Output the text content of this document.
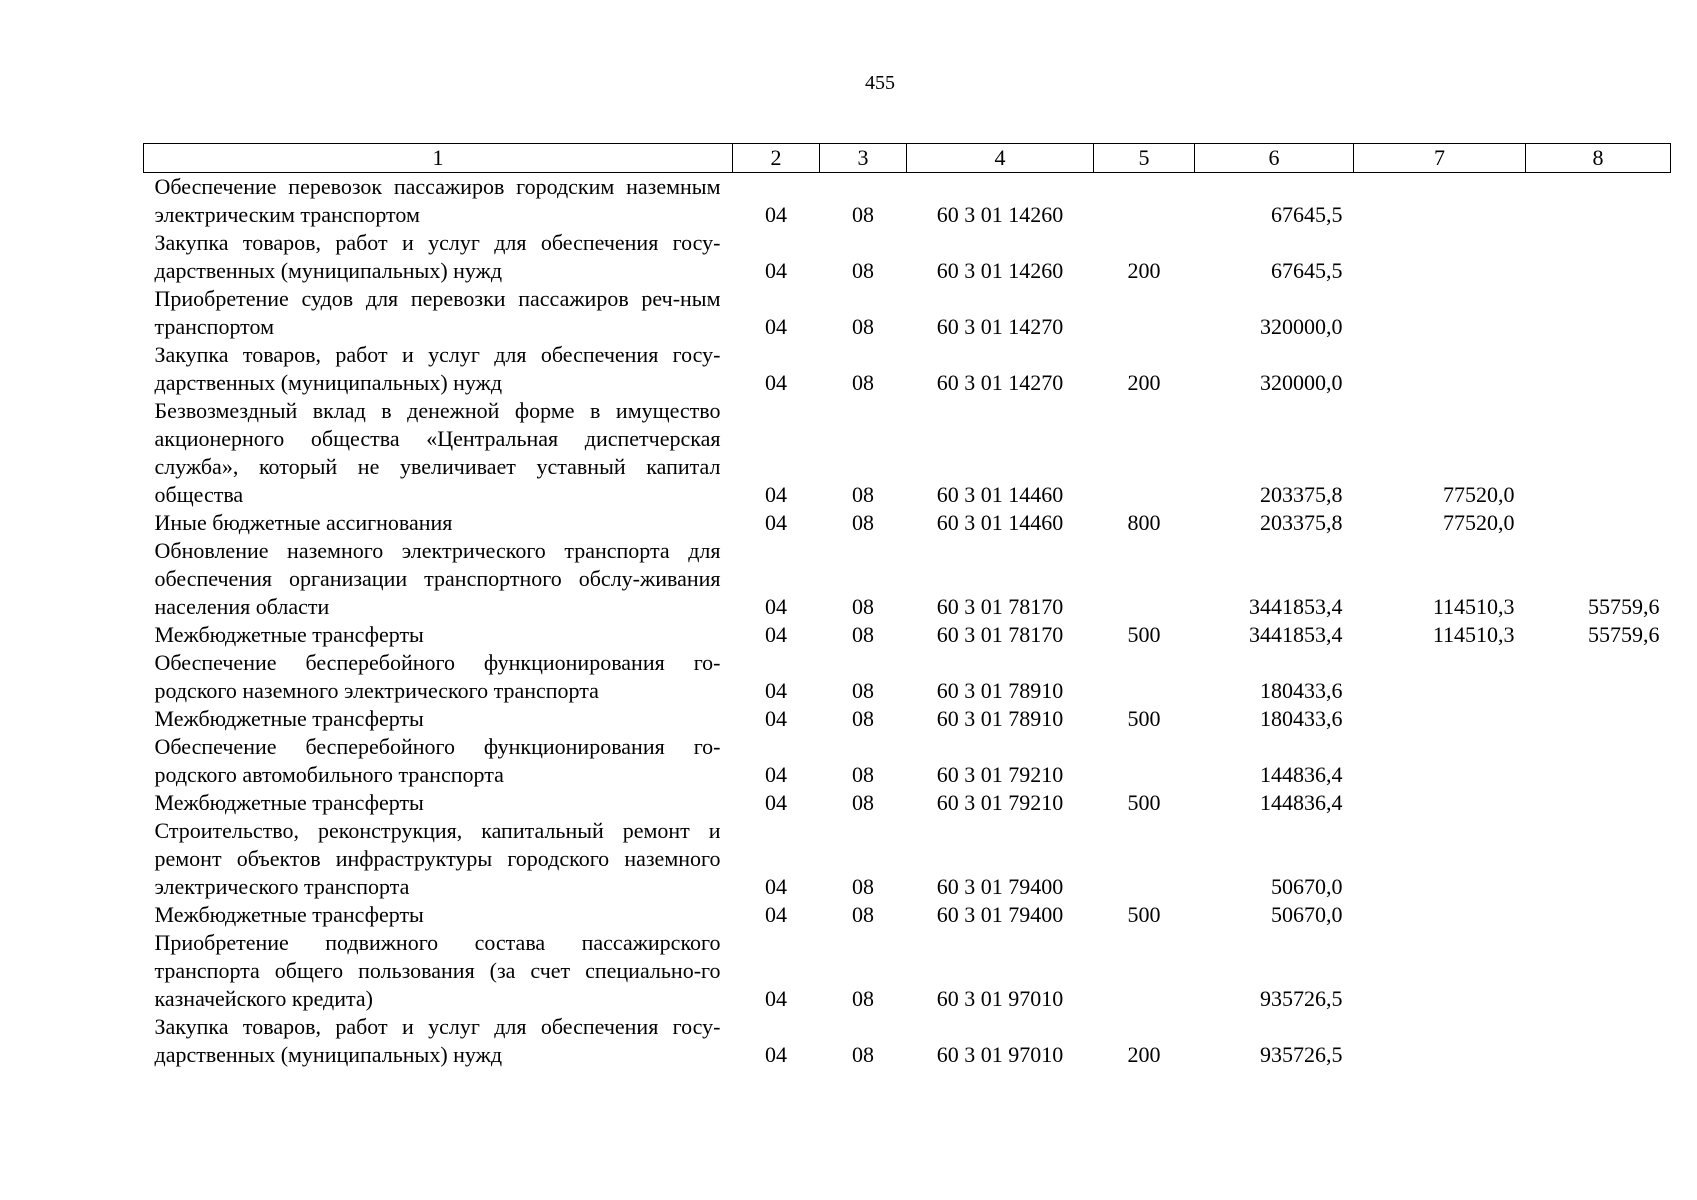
455
1	2	3	4	5	6	7	8
Обеспечение перевозок пассажиров городским наземным электрическим транспортом	04	08	60 3 01 14260		67645,5		
Закупка товаров, работ и услуг для обеспечения госу-дарственных (муниципальных) нужд	04	08	60 3 01 14260	200	67645,5		
Приобретение судов для перевозки пассажиров реч-ным транспортом	04	08	60 3 01 14270		320000,0		
Закупка товаров, работ и услуг для обеспечения госу-дарственных (муниципальных) нужд	04	08	60 3 01 14270	200	320000,0		
Безвозмездный вклад в денежной форме в имущество акционерного общества «Центральная диспетчерская служба», который не увеличивает уставный капитал общества	04	08	60 3 01 14460		203375,8	77520,0	
Иные бюджетные ассигнования	04	08	60 3 01 14460	800	203375,8	77520,0	
Обновление наземного электрического транспорта для обеспечения организации транспортного обслу-живания населения области	04	08	60 3 01 78170		3441853,4	114510,3	55759,6
Межбюджетные трансферты	04	08	60 3 01 78170	500	3441853,4	114510,3	55759,6
Обеспечение бесперебойного функционирования го-родского наземного электрического транспорта	04	08	60 3 01 78910		180433,6		
Межбюджетные трансферты	04	08	60 3 01 78910	500	180433,6		
Обеспечение бесперебойного функционирования го-родского автомобильного транспорта	04	08	60 3 01 79210		144836,4		
Межбюджетные трансферты	04	08	60 3 01 79210	500	144836,4		
Строительство, реконструкция, капитальный ремонт и ремонт объектов инфраструктуры городского наземного электрического транспорта	04	08	60 3 01 79400		50670,0		
Межбюджетные трансферты	04	08	60 3 01 79400	500	50670,0		
Приобретение подвижного состава пассажирского транспорта общего пользования (за счет специально-го казначейского кредита)	04	08	60 3 01 97010		935726,5		
Закупка товаров, работ и услуг для обеспечения госу-дарственных (муниципальных) нужд	04	08	60 3 01 97010	200	935726,5		
